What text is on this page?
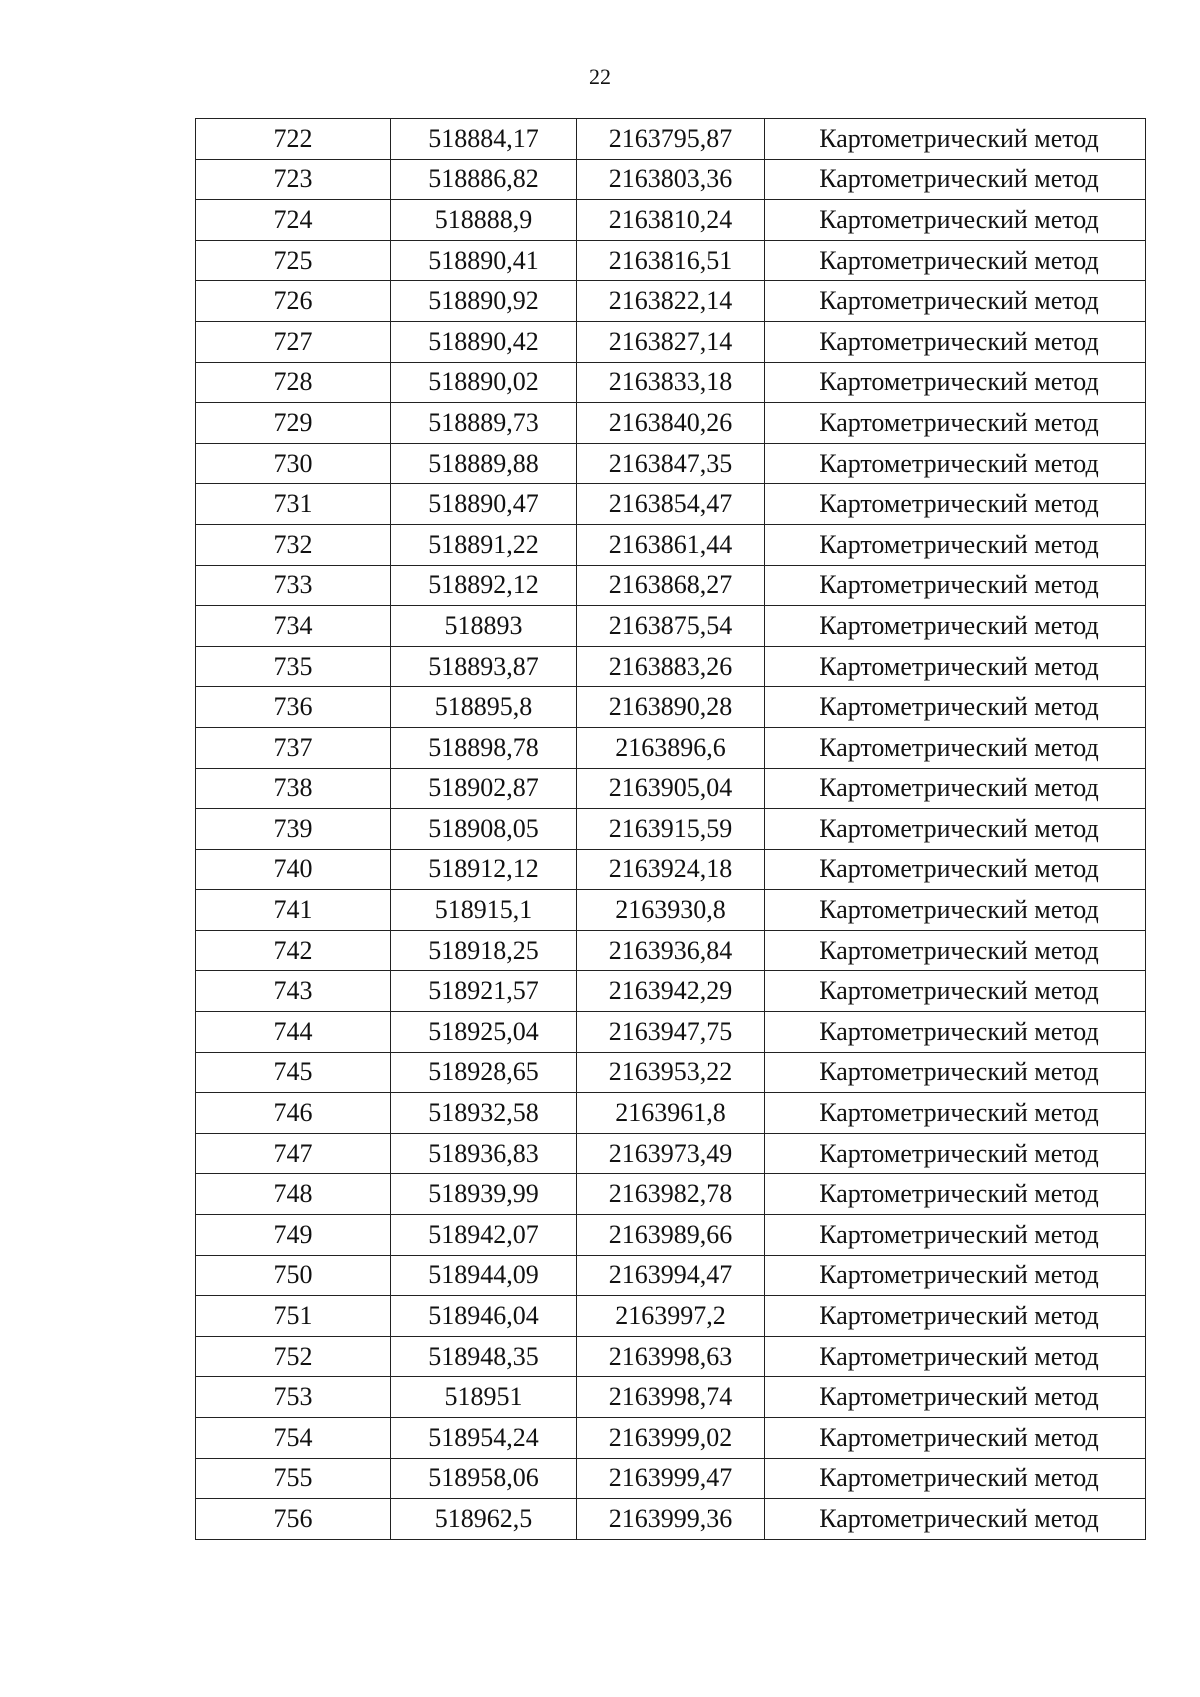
22
722	518884,17	2163795,87	Картометрический метод
723	518886,82	2163803,36	Картометрический метод
724	518888,9	2163810,24	Картометрический метод
725	518890,41	2163816,51	Картометрический метод
726	518890,92	2163822,14	Картометрический метод
727	518890,42	2163827,14	Картометрический метод
728	518890,02	2163833,18	Картометрический метод
729	518889,73	2163840,26	Картометрический метод
730	518889,88	2163847,35	Картометрический метод
731	518890,47	2163854,47	Картометрический метод
732	518891,22	2163861,44	Картометрический метод
733	518892,12	2163868,27	Картометрический метод
734	518893	2163875,54	Картометрический метод
735	518893,87	2163883,26	Картометрический метод
736	518895,8	2163890,28	Картометрический метод
737	518898,78	2163896,6	Картометрический метод
738	518902,87	2163905,04	Картометрический метод
739	518908,05	2163915,59	Картометрический метод
740	518912,12	2163924,18	Картометрический метод
741	518915,1	2163930,8	Картометрический метод
742	518918,25	2163936,84	Картометрический метод
743	518921,57	2163942,29	Картометрический метод
744	518925,04	2163947,75	Картометрический метод
745	518928,65	2163953,22	Картометрический метод
746	518932,58	2163961,8	Картометрический метод
747	518936,83	2163973,49	Картометрический метод
748	518939,99	2163982,78	Картометрический метод
749	518942,07	2163989,66	Картометрический метод
750	518944,09	2163994,47	Картометрический метод
751	518946,04	2163997,2	Картометрический метод
752	518948,35	2163998,63	Картометрический метод
753	518951	2163998,74	Картометрический метод
754	518954,24	2163999,02	Картометрический метод
755	518958,06	2163999,47	Картометрический метод
756	518962,5	2163999,36	Картометрический метод
